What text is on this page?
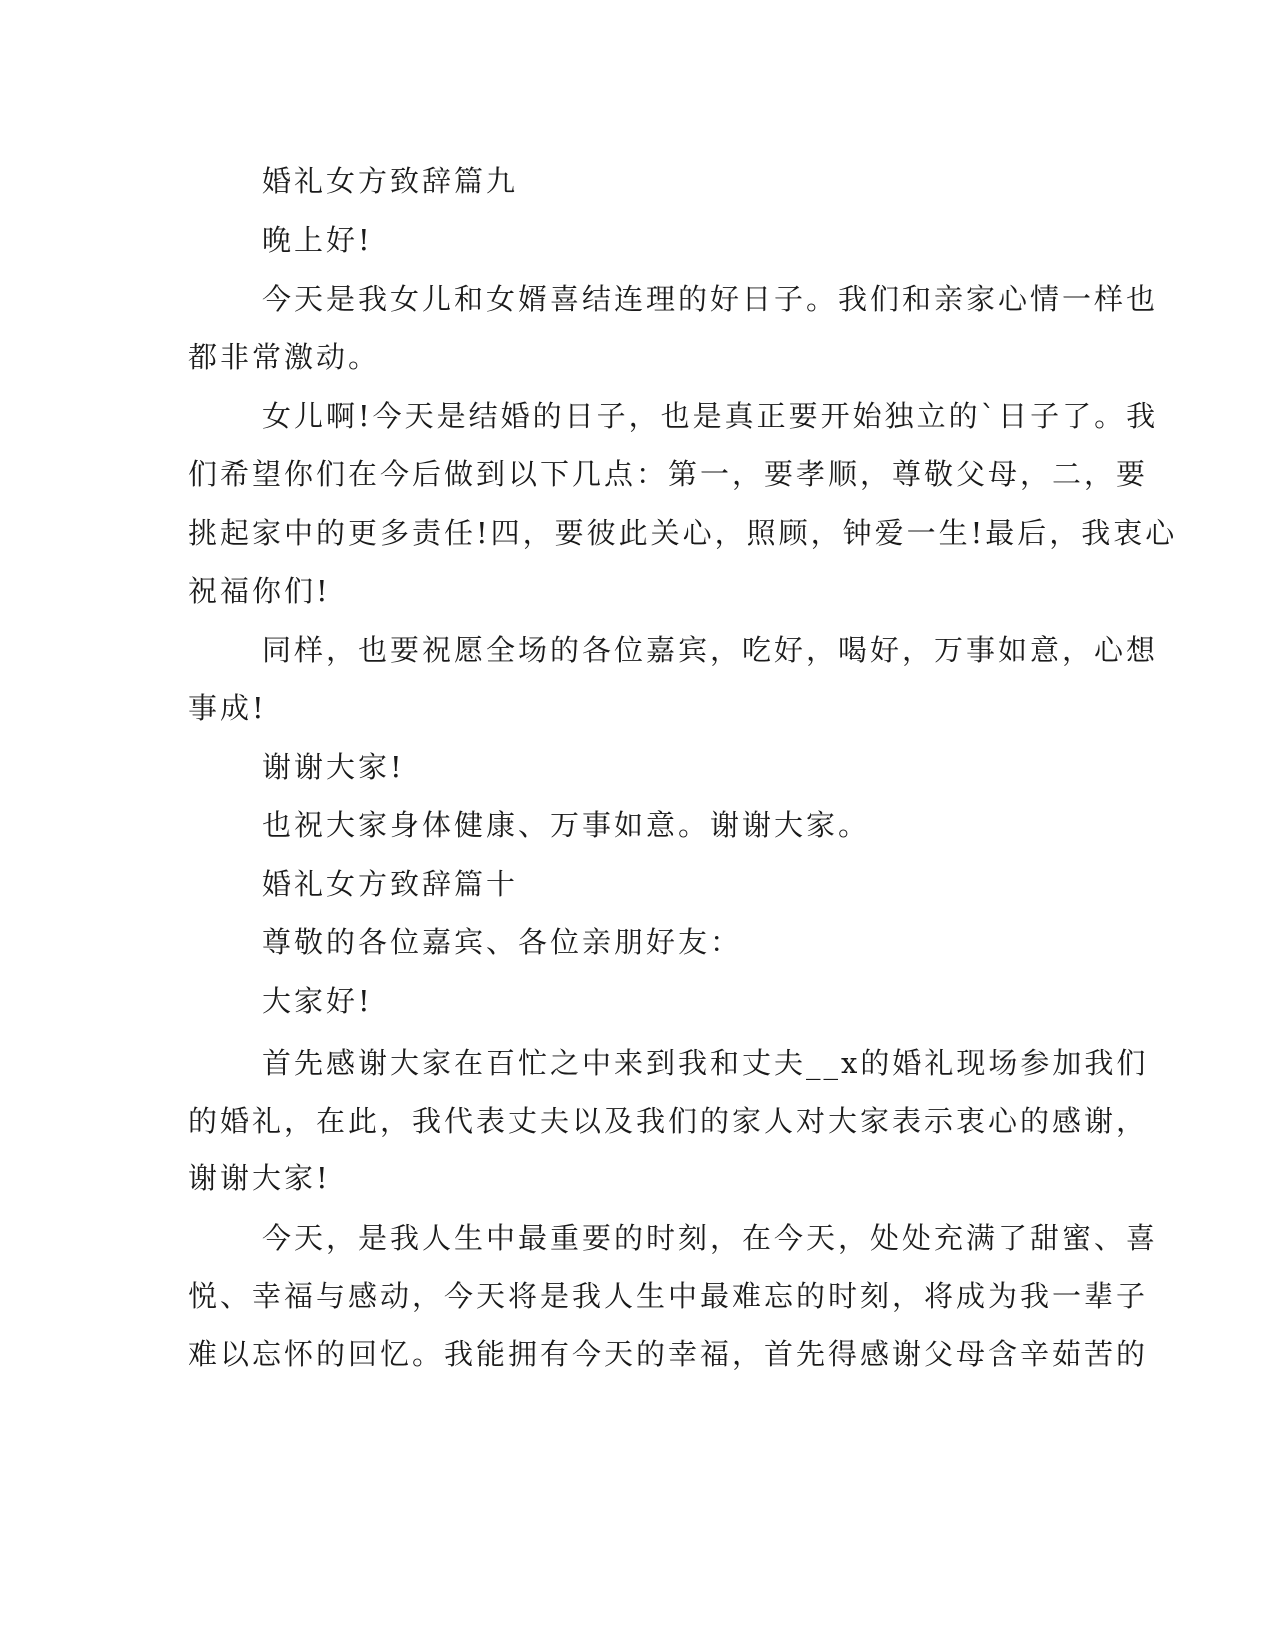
婚礼女方致辞篇九
晚上好!
今天是我女儿和女婿喜结连理的好日子。我们和亲家心情一样也
都非常激动。
女儿啊!今天是结婚的日子，也是真正要开始独立的`日子了。我
们希望你们在今后做到以下几点：第一，要孝顺，尊敬父母，二，要
挑起家中的更多责任!四，要彼此关心，照顾，钟爱一生!最后，我衷心
祝福你们!
同样，也要祝愿全场的各位嘉宾，吃好，喝好，万事如意，心想
事成!
谢谢大家!
也祝大家身体健康、万事如意。谢谢大家。
婚礼女方致辞篇十
尊敬的各位嘉宾、各位亲朋好友：
大家好!
首先感谢大家在百忙之中来到我和丈夫__x的婚礼现场参加我们
的婚礼，在此，我代表丈夫以及我们的家人对大家表示衷心的感谢，
谢谢大家!
今天，是我人生中最重要的时刻，在今天，处处充满了甜蜜、喜
悦、幸福与感动，今天将是我人生中最难忘的时刻，将成为我一辈子
难以忘怀的回忆。我能拥有今天的幸福，首先得感谢父母含辛茹苦的
